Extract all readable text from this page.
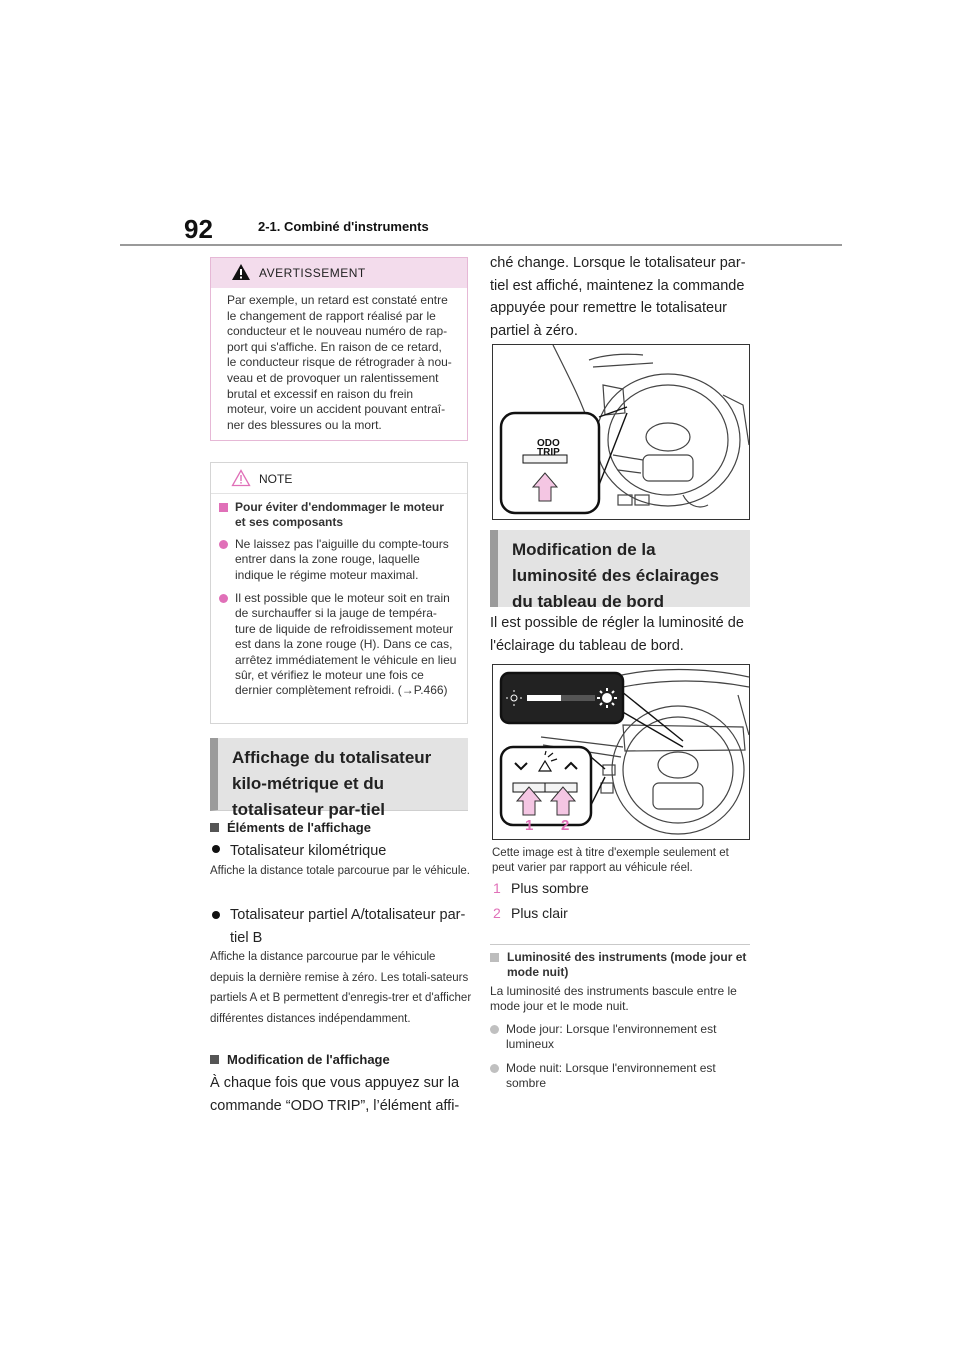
92	2-1. Combiné d'instruments
AVERTISSEMENT
Par exemple, un retard est constaté entre le changement de rapport réalisé par le conducteur et le nouveau numéro de rap-port qui s'affiche. En raison de ce retard, le conducteur risque de rétrograder à nou-veau et de provoquer un ralentissement brutal et excessif en raison du frein moteur, voire un accident pouvant entraî-ner des blessures ou la mort.
NOTE
Pour éviter d'endommager le moteur et ses composants
Ne laissez pas l'aiguille du compte-tours entrer dans la zone rouge, laquelle indique le régime moteur maximal.
Il est possible que le moteur soit en train de surchauffer si la jauge de tempéra-ture de liquide de refroidissement moteur est dans la zone rouge (H). Dans ce cas, arrêtez immédiatement le véhicule en lieu sûr, et vérifiez le moteur une fois ce dernier complètement refroidi. (→P.466)
Affichage du totalisateur kilo-métrique et du totalisateur par-tiel
Éléments de l'affichage
Totalisateur kilométrique
Affiche la distance totale parcourue par le véhicule.
Totalisateur partiel A/totalisateur par-tiel B
Affiche la distance parcourue par le véhicule depuis la dernière remise à zéro. Les totali-sateurs partiels A et B permettent d'enregis-trer et d'afficher différentes distances indépendamment.
Modification de l'affichage
À chaque fois que vous appuyez sur la commande “ODO TRIP”, l’élément affi-
ché change. Lorsque le totalisateur par-tiel est affiché, maintenez la commande appuyée pour remettre le totalisateur partiel à zéro.
ODO
TRIP
Modification de la luminosité des éclairages du tableau de bord
Il est possible de régler la luminosité de l'éclairage du tableau de bord.
1 2
Cette image est à titre d'exemple seulement et peut varier par rapport au véhicule réel.
1 Plus sombre
2 Plus clair
Luminosité des instruments (mode jour et mode nuit)
La luminosité des instruments bascule entre le mode jour et le mode nuit.
Mode jour: Lorsque l'environnement est lumineux
Mode nuit: Lorsque l'environnement est sombre
